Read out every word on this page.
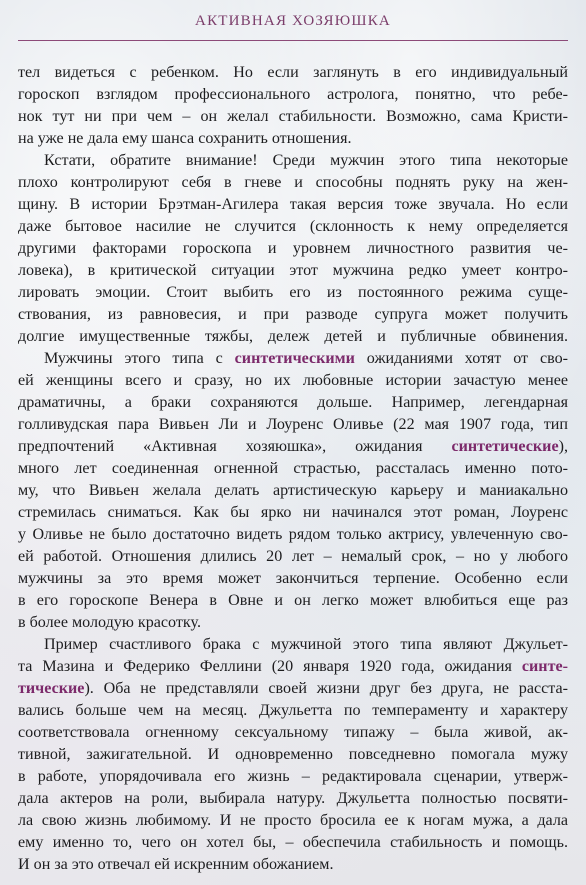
АКТИВНАЯ ХОЗЯЮШКА
тел видеться с ребенком. Но если заглянуть в его индивидуальный
гороскоп взглядом профессионального астролога, понятно, что ребе-
нок тут ни при чем – он желал стабильности. Возможно, сама Кристи-
на уже не дала ему шанса сохранить отношения.
Кстати, обратите внимание! Среди мужчин этого типа некоторые
плохо контролируют себя в гневе и способны поднять руку на жен-
щину. В истории Брэтман-Агилера такая версия тоже звучала. Но если
даже бытовое насилие не случится (склонность к нему определяется
другими факторами гороскопа и уровнем личностного развития че-
ловека), в критической ситуации этот мужчина редко умеет контро-
лировать эмоции. Стоит выбить его из постоянного режима суще-
ствования, из равновесия, и при разводе супруга может получить
долгие имущественные тяжбы, дележ детей и публичные обвинения.
Мужчины этого типа с синтетическими ожиданиями хотят от сво-
ей женщины всего и сразу, но их любовные истории зачастую менее
драматичны, а браки сохраняются дольше. Например, легендарная
голливудская пара Вивьен Ли и Лоуренс Оливье (22 мая 1907 года, тип
предпочтений «Активная хозяюшка», ожидания синтетические),
много лет соединенная огненной страстью, рассталась именно пото-
му, что Вивьен желала делать артистическую карьеру и маниакально
стремилась сниматься. Как бы ярко ни начинался этот роман, Лоуренс
у Оливье не было достаточно видеть рядом только актрису, увлеченную сво-
ей работой. Отношения длились 20 лет – немалый срок, – но у любого
мужчины за это время может закончиться терпение. Особенно если
в его гороскопе Венера в Овне и он легко может влюбиться еще раз
в более молодую красотку.
Пример счастливого брака с мужчиной этого типа являют Джульет-
та Мазина и Федерико Феллини (20 января 1920 года, ожидания синте-
тические). Оба не представляли своей жизни друг без друга, не расста-
вались больше чем на месяц. Джульетта по темпераменту и характеру
соответствовала огненному сексуальному типажу – была живой, ак-
тивной, зажигательной. И одновременно повседневно помогала мужу
в работе, упорядочивала его жизнь – редактировала сценарии, утверж-
дала актеров на роли, выбирала натуру. Джульетта полностью посвяти-
ла свою жизнь любимому. И не просто бросила ее к ногам мужа, а дала
ему именно то, чего он хотел бы, – обеспечила стабильность и помощь.
И он за это отвечал ей искренним обожанием.
